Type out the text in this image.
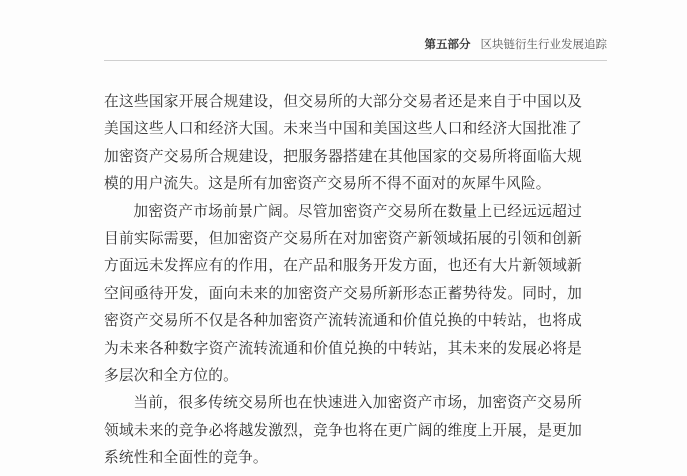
第五部分 区块链衍生行业发展追踪

在这些国家开展合规建设，但交易所的大部分交易者还是来自于中国以及美国这些人口和经济大国。未来当中国和美国这些人口和经济大国批准了加密资产交易所合规建设，把服务器搭建在其他国家的交易所将面临大规模的用户流失。这是所有加密资产交易所不得不面对的灰犀牛风险。

加密资产市场前景广阔。尽管加密资产交易所在数量上已经远远超过目前实际需要，但加密资产交易所在对加密资产新领域拓展的引领和创新方面远未发挥应有的作用，在产品和服务开发方面，也还有大片新领域新空间亟待开发，面向未来的加密资产交易所新形态正蓄势待发。同时，加密资产交易所不仅是各种加密资产流转流通和价值兑换的中转站，也将成为未来各种数字资产流转流通和价值兑换的中转站，其未来的发展必将是多层次和全方位的。

当前，很多传统交易所也在快速进入加密资产市场，加密资产交易所领域未来的竞争必将越发激烈，竞争也将在更广阔的维度上开展，是更加系统性和全面性的竞争。
